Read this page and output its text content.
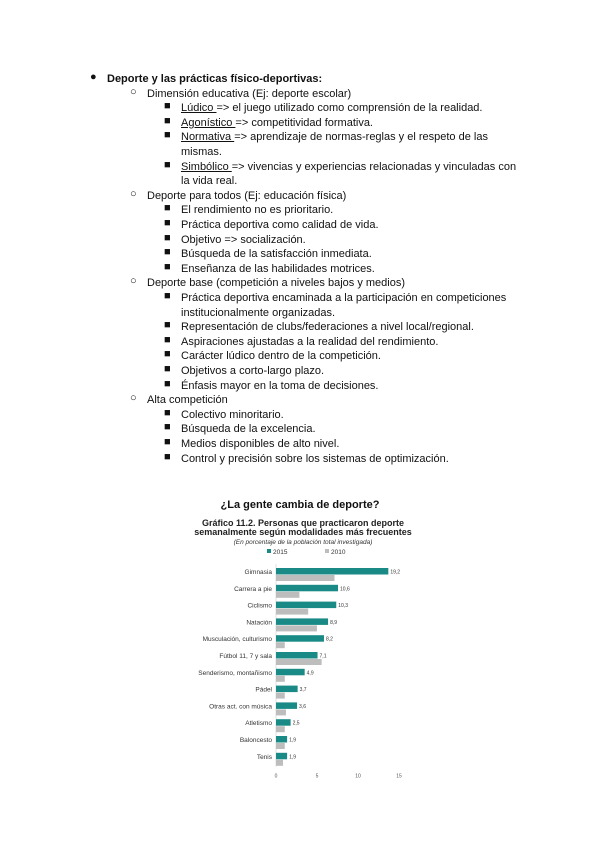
● Deporte y las prácticas físico-deportivas:
○ Dimensión educativa (Ej: deporte escolar)
■ Lúdico => el juego utilizado como comprensión de la realidad.
■ Agonístico => competitividad formativa.
■ Normativa => aprendizaje de normas-reglas y el respeto de las
mismas.
■ Simbólico => vivencias y experiencias relacionadas y vinculadas con
la vida real.
○ Deporte para todos (Ej: educación física)
■ El rendimiento no es prioritario.
■ Práctica deportiva como calidad de vida.
■ Objetivo => socialización.
■ Búsqueda de la satisfacción inmediata.
■ Enseñanza de las habilidades motrices.
○ Deporte base (competición a niveles bajos y medios)
■ Práctica deportiva encaminada a la participación en competiciones
institucionalmente organizadas.
■ Representación de clubs/federaciones a nivel local/regional.
■ Aspiraciones ajustadas a la realidad del rendimiento.
■ Carácter lúdico dentro de la competición.
■ Objetivos a corto-largo plazo.
■ Énfasis mayor en la toma de decisiones.
○ Alta competición
■ Colectivo minoritario.
■ Búsqueda de la excelencia.
■ Medios disponibles de alto nivel.
■ Control y precisión sobre los sistemas de optimización.
¿La gente cambia de deporte?
Gráfico 11.2. Personas que practicaron deporte
semanalmente según modalidades más frecuentes
(En porcentaje de la población total investigada)
2015	2010
Gimnasia	19,2
Carrera a pie	10,6
Ciclismo	10,3
Natación	8,9
Musculación, culturismo	8,2
Fútbol 11, 7 y sala	7,1
Senderismo, montañismo	4,9
Pádel	3,7
Otras act. con música	3,6
Atletismo	2,5
Baloncesto	1,9
Tenis	1,9
0	5	10	15
